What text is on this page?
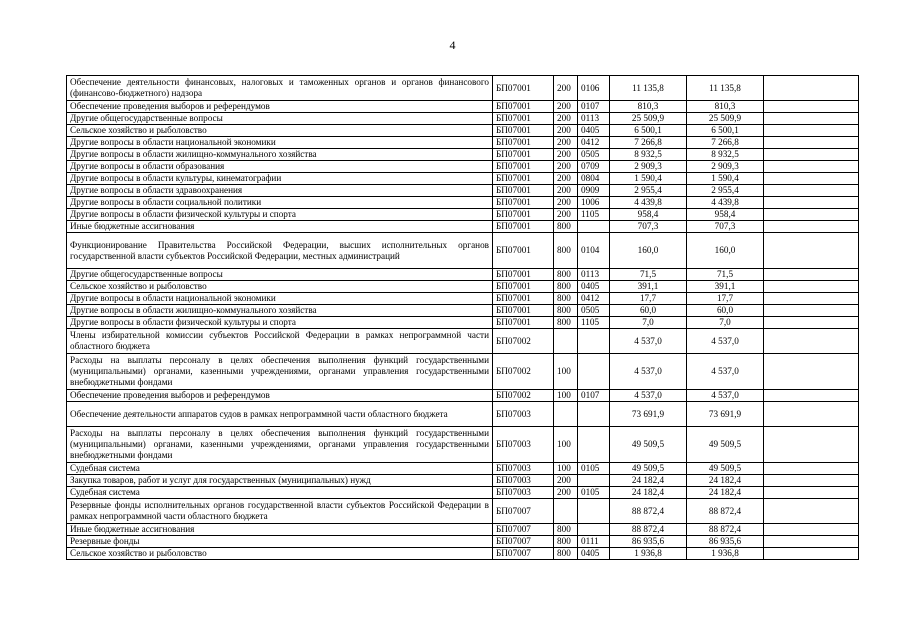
4
Обеспечение деятельности финансовых, налоговых и таможенных органов и органов финансового (финансово-бюджетного) надзора	БП07001	200	0106	11 135,8	11 135,8	
Обеспечение проведения выборов и референдумов	БП07001	200	0107	810,3	810,3	
Другие общегосударственные вопросы	БП07001	200	0113	25 509,9	25 509,9	
Сельское хозяйство и рыболовство	БП07001	200	0405	6 500,1	6 500,1	
Другие вопросы в области национальной экономики	БП07001	200	0412	7 266,8	7 266,8	
Другие вопросы в области жилищно-коммунального хозяйства	БП07001	200	0505	8 932,5	8 932,5	
Другие вопросы в области образования	БП07001	200	0709	2 909,3	2 909,3	
Другие вопросы в области культуры, кинематографии	БП07001	200	0804	1 590,4	1 590,4	
Другие вопросы в области здравоохранения	БП07001	200	0909	2 955,4	2 955,4	
Другие вопросы в области социальной политики	БП07001	200	1006	4 439,8	4 439,8	
Другие вопросы в области физической культуры и спорта	БП07001	200	1105	958,4	958,4	
Иные бюджетные ассигнования	БП07001	800		707,3	707,3	
Функционирование Правительства Российской Федерации, высших исполнительных органов государственной власти субъектов Российской Федерации, местных администраций	БП07001	800	0104	160,0	160,0	
Другие общегосударственные вопросы	БП07001	800	0113	71,5	71,5	
Сельское хозяйство и рыболовство	БП07001	800	0405	391,1	391,1	
Другие вопросы в области национальной экономики	БП07001	800	0412	17,7	17,7	
Другие вопросы в области жилищно-коммунального хозяйства	БП07001	800	0505	60,0	60,0	
Другие вопросы в области физической культуры и спорта	БП07001	800	1105	7,0	7,0	
Члены избирательной комиссии субъектов Российской Федерации в рамках непрограммной части областного бюджета	БП07002			4 537,0	4 537,0	
Расходы на выплаты персоналу в целях обеспечения выполнения функций государственными (муниципальными) органами, казенными учреждениями, органами управления государственными внебюджетными фондами	БП07002	100		4 537,0	4 537,0	
Обеспечение проведения выборов и референдумов	БП07002	100	0107	4 537,0	4 537,0	
Обеспечение деятельности аппаратов судов в рамках непрограммной части областного бюджета	БП07003			73 691,9	73 691,9	
Расходы на выплаты персоналу в целях обеспечения выполнения функций государственными (муниципальными) органами, казенными учреждениями, органами управления государственными внебюджетными фондами	БП07003	100		49 509,5	49 509,5	
Судебная система	БП07003	100	0105	49 509,5	49 509,5	
Закупка товаров, работ и услуг для государственных (муниципальных) нужд	БП07003	200		24 182,4	24 182,4	
Судебная система	БП07003	200	0105	24 182,4	24 182,4	
Резервные фонды исполнительных органов государственной власти субъектов Российской Федерации в рамках непрограммной части областного бюджета	БП07007			88 872,4	88 872,4	
Иные бюджетные ассигнования	БП07007	800		88 872,4	88 872,4	
Резервные фонды	БП07007	800	0111	86 935,6	86 935,6	
Сельское хозяйство и рыболовство	БП07007	800	0405	1 936,8	1 936,8	
